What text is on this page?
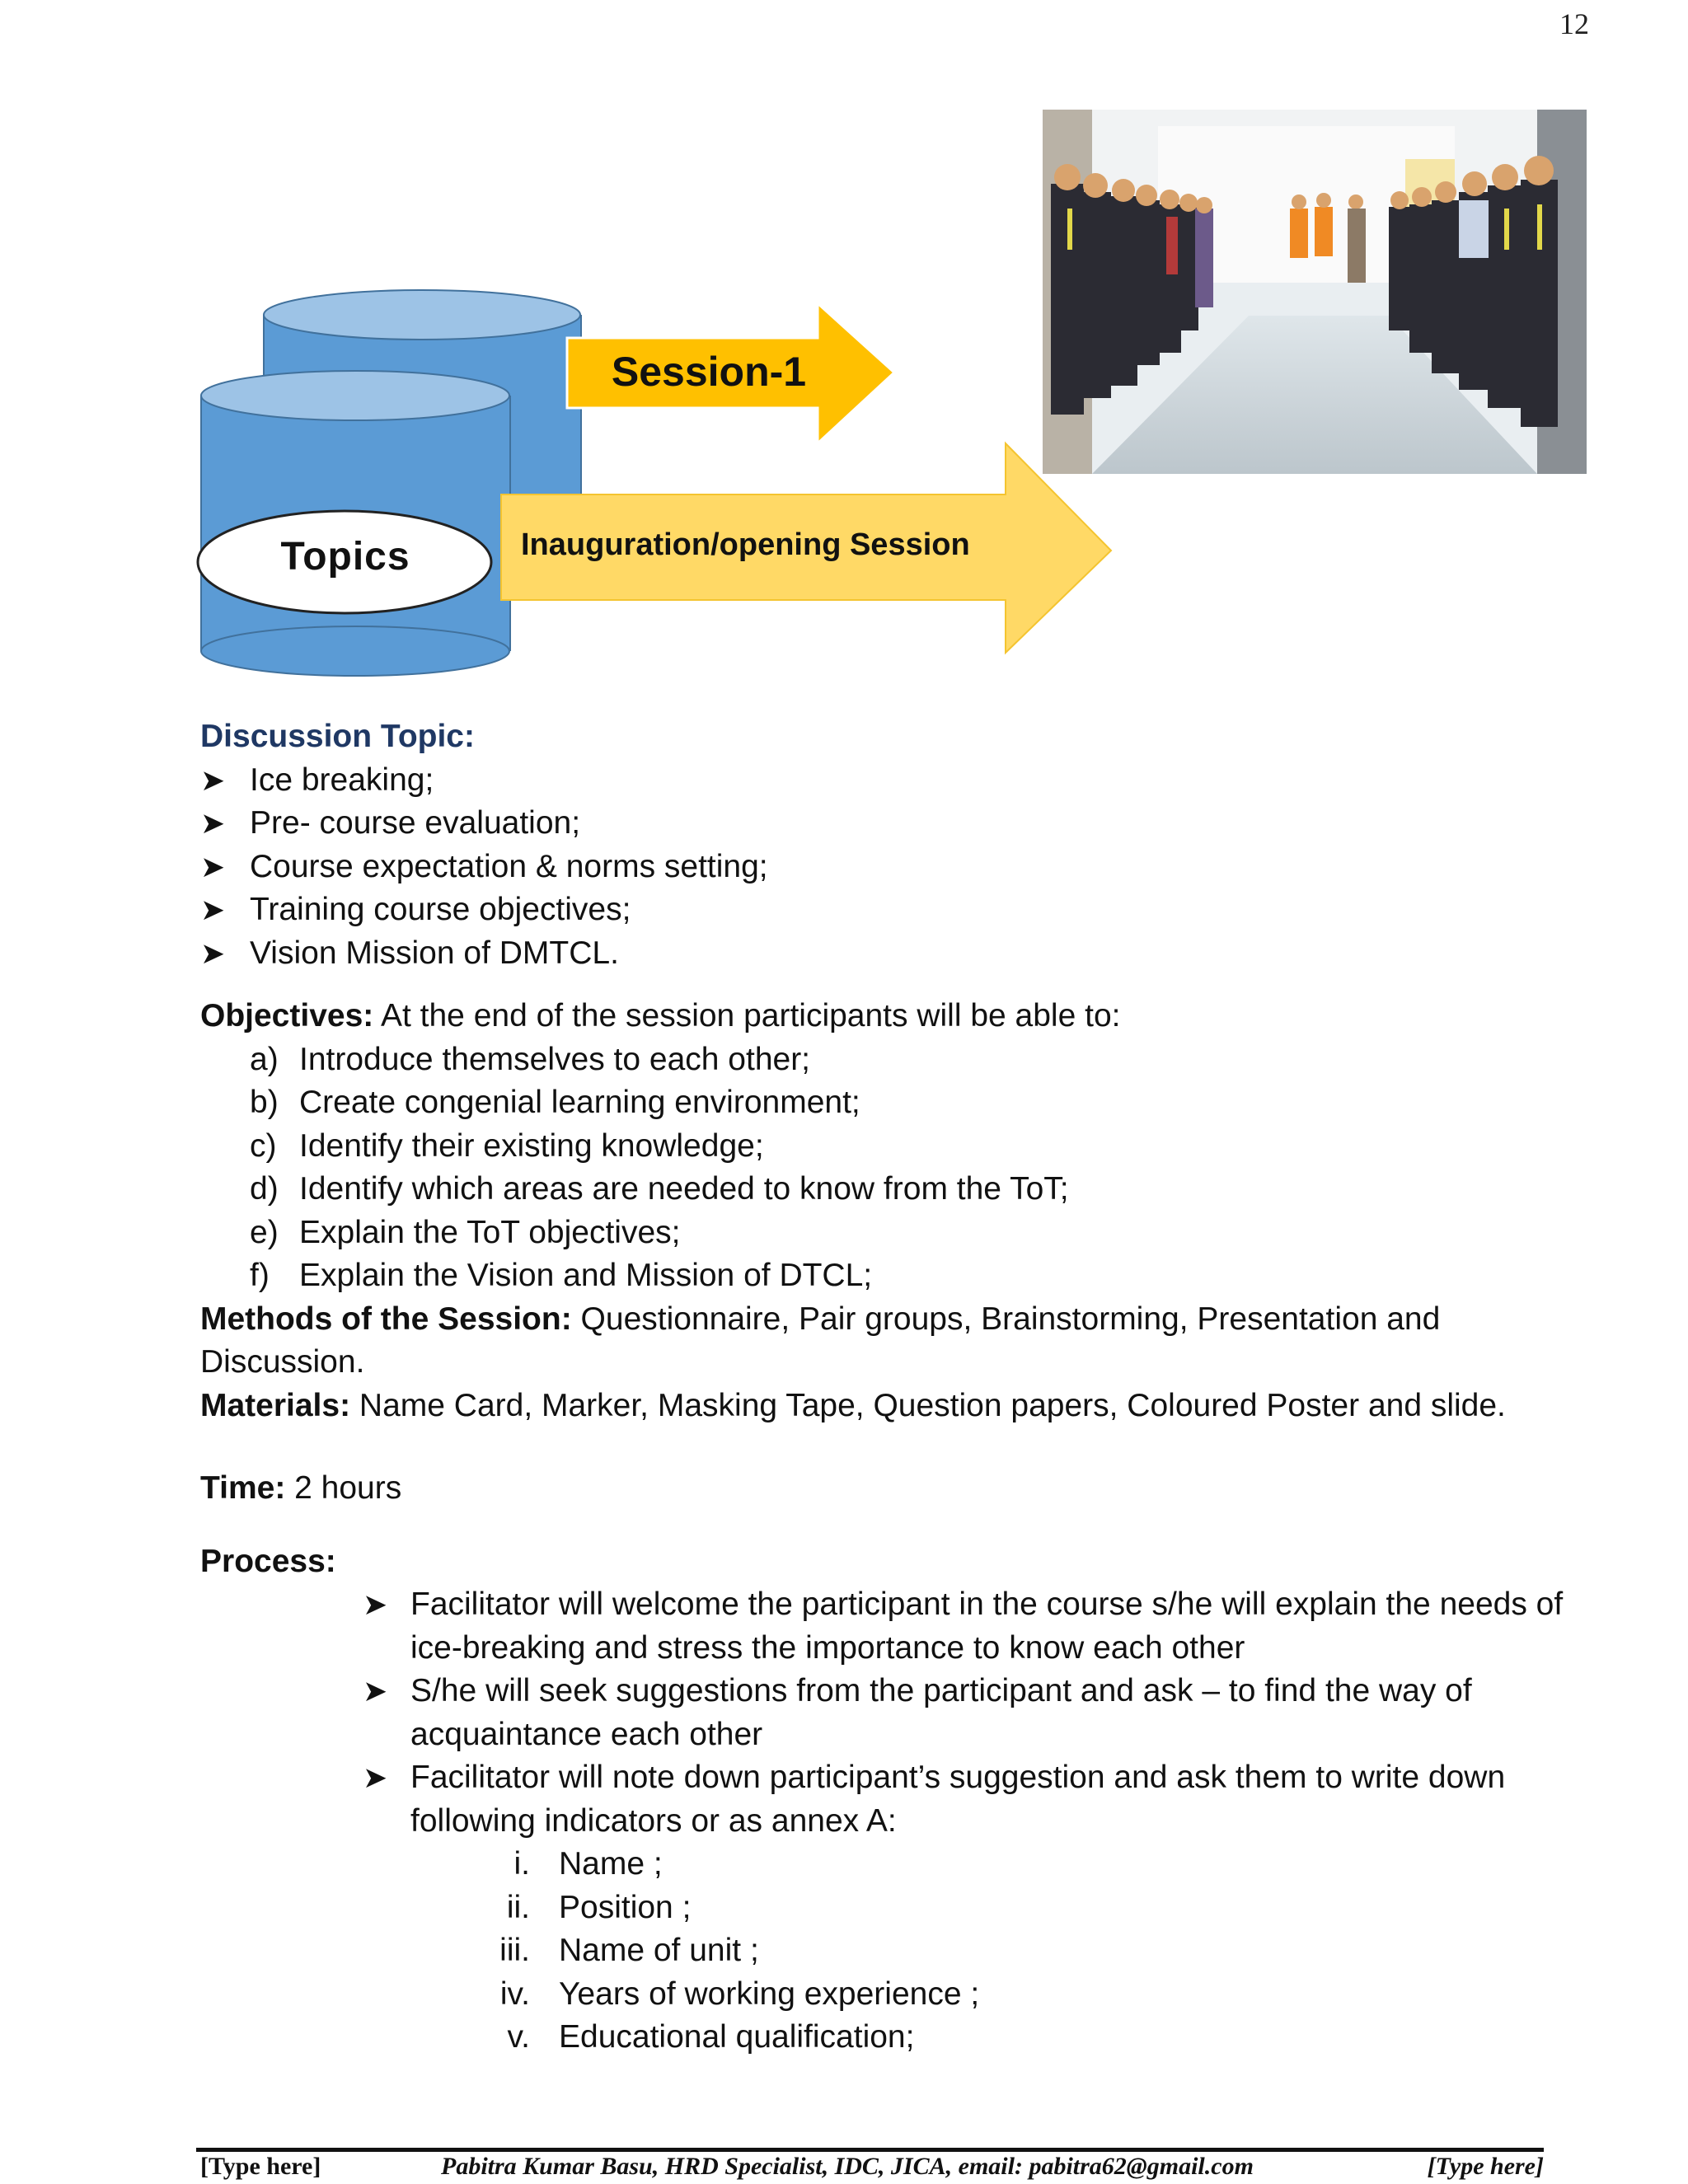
12
Session-1
Topics	Inauguration/opening Session
Discussion Topic:
➤ Ice breaking;
➤ Pre- course evaluation;
➤ Course expectation & norms setting;
➤ Training course objectives;
➤ Vision Mission of DMTCL.
Objectives: At the end of the session participants will be able to:
a) Introduce themselves to each other;
b) Create congenial learning environment;
c) Identify their existing knowledge;
d) Identify which areas are needed to know from the ToT;
e) Explain the ToT objectives;
f) Explain the Vision and Mission of DTCL;
Methods of the Session: Questionnaire, Pair groups, Brainstorming, Presentation and Discussion.
Materials: Name Card, Marker, Masking Tape, Question papers, Coloured Poster and slide.
Time: 2 hours
Process:
➤ Facilitator will welcome the participant in the course s/he will explain the needs of ice-breaking and stress the importance to know each other
➤ S/he will seek suggestions from the participant and ask – to find the way of acquaintance each other
➤ Facilitator will note down participant’s suggestion and ask them to write down following indicators or as annex A:
i. Name ;
ii. Position ;
iii. Name of unit ;
iv. Years of working experience ;
v. Educational qualification;
[Type here]	Pabitra Kumar Basu, HRD Specialist, IDC, JICA, email: pabitra62@gmail.com	[Type here]
